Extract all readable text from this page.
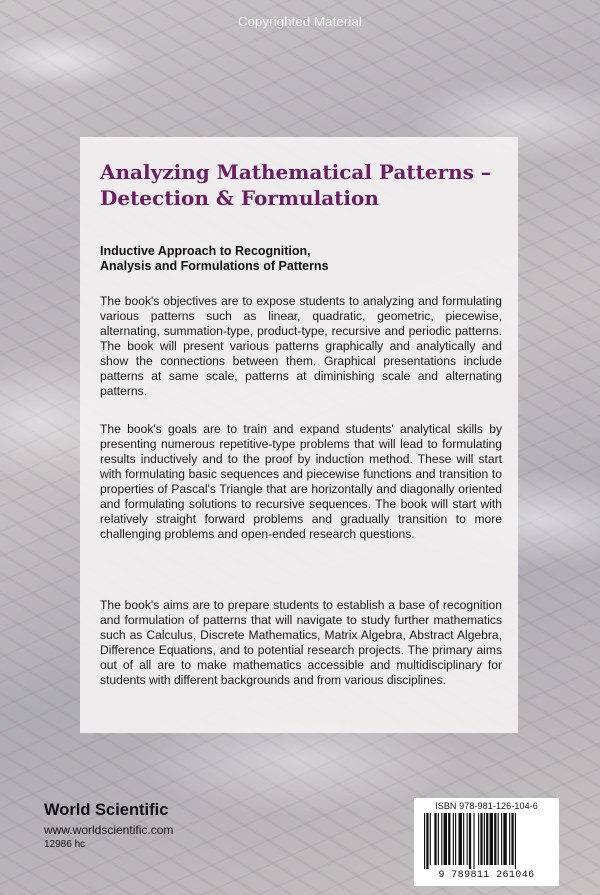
Copyrighted Material
Analyzing Mathematical Patterns – Detection & Formulation
Inductive Approach to Recognition,
Analysis and Formulations of Patterns

The book's objectives are to expose students to analyzing and formulating various patterns such as linear, quadratic, geometric, piecewise, alternating, summation-type, product-type, recursive and periodic patterns. The book will present various patterns graphically and analytically and show the connections between them. Graphical presentations include patterns at same scale, patterns at diminishing scale and alternating patterns.

The book's goals are to train and expand students' analytical skills by presenting numerous repetitive-type problems that will lead to formulating results inductively and to the proof by induction method. These will start with formulating basic sequences and piecewise functions and transition to properties of Pascal's Triangle that are horizontally and diagonally oriented and formulating solutions to recursive sequences. The book will start with relatively straight forward problems and gradually transition to more challenging problems and open-ended research questions.

The book's aims are to prepare students to establish a base of recognition and formulation of patterns that will navigate to study further mathematics such as Calculus, Discrete Mathematics, Matrix Algebra, Abstract Algebra, Difference Equations, and to potential research projects. The primary aims out of all are to make mathematics accessible and multidisciplinary for students with different backgrounds and from various disciplines.

World Scientific
www.worldscientific.com
12986 hc
ISBN 978-981-126-104-6
9 789811 261046
